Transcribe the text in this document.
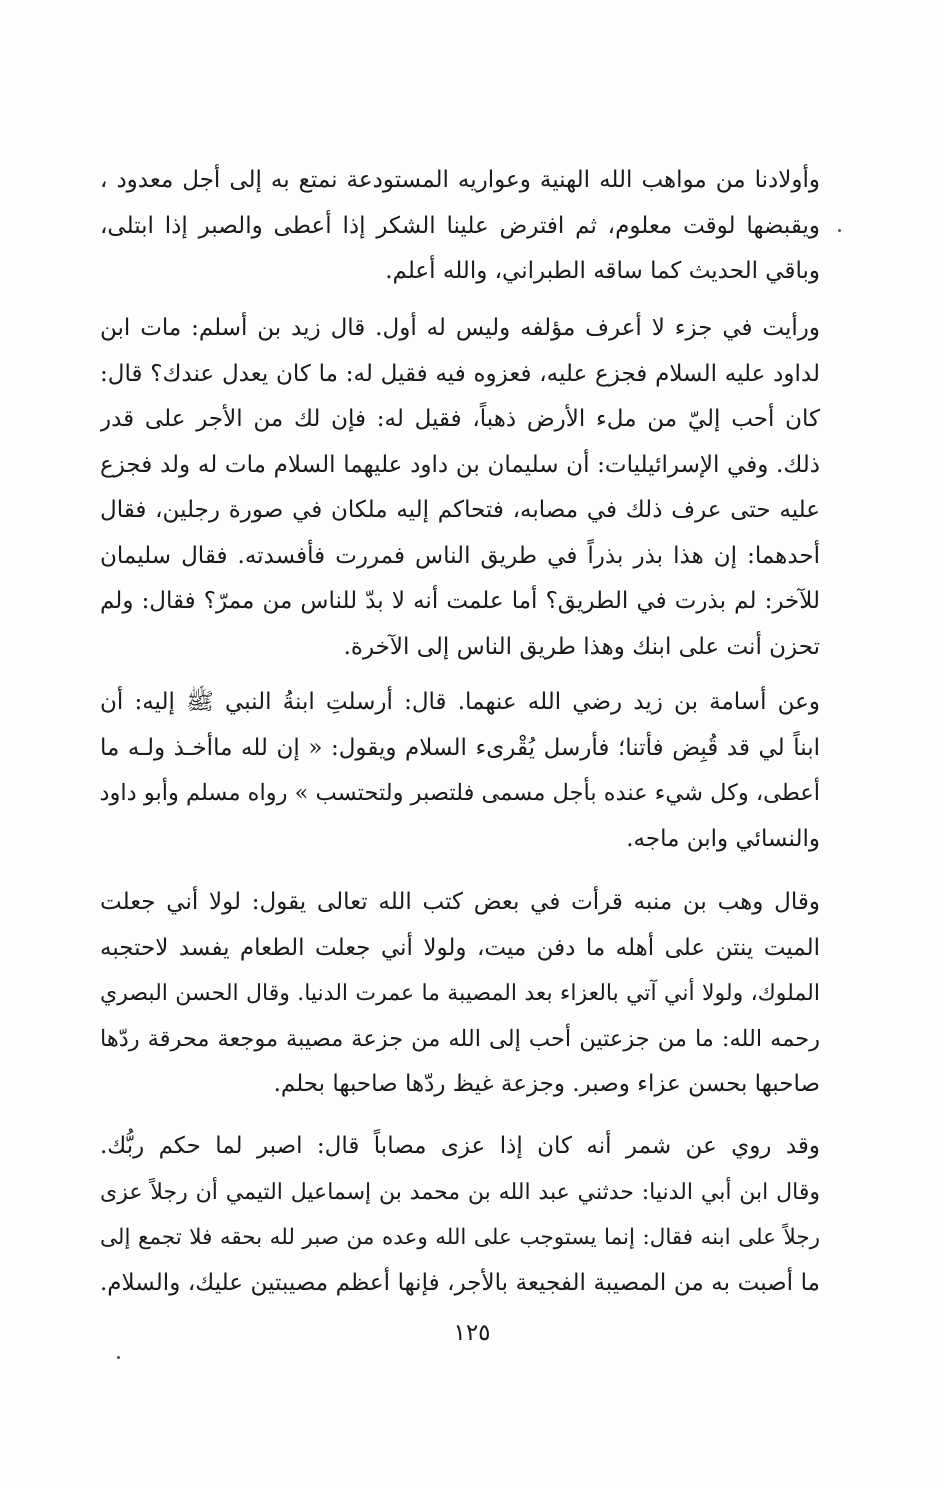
وأولادنا من مواهب الله الهنية وعواريه المستودعة نمتع به إلى أجل معدود ،
ويقبضها لوقت معلوم، ثم افترض علينا الشكر إذا أعطى والصبر إذا ابتلى،
وباقي الحديث كما ساقه الطبراني، والله أعلم.
ورأيت في جزء لا أعرف مؤلفه وليس له أول. قال زيد بن أسلم: مات ابن
لداود عليه السلام فجزع عليه، فعزوه فيه فقيل له: ما كان يعدل عندك؟ قال:
كان أحب إليّ من ملء الأرض ذهباً، فقيل له: فإن لك من الأجر على قدر
ذلك. وفي الإسرائيليات: أن سليمان بن داود عليهما السلام مات له ولد فجزع
عليه حتى عرف ذلك في مصابه، فتحاكم إليه ملكان في صورة رجلين، فقال
أحدهما: إن هذا بذر بذراً في طريق الناس فمررت فأفسدته. فقال سليمان
للآخر: لم بذرت في الطريق؟ أما علمت أنه لا بدّ للناس من ممرّ؟ فقال: ولم
تحزن أنت على ابنك وهذا طريق الناس إلى الآخرة.
وعن أسامة بن زيد رضي الله عنهما. قال: أرسلتِ ابنةُ النبي ﷺ إليه: أن
ابناً لي قد قُبِض فأتنا؛ فأرسل يُقْرىء السلام ويقول: « إن لله ماأخـذ ولـه ما
أعطى، وكل شيء عنده بأجل مسمى فلتصبر ولتحتسب » رواه مسلم وأبو داود
والنسائي وابن ماجه.
وقال وهب بن منبه قرأت في بعض كتب الله تعالى يقول: لولا أني جعلت
الميت ينتن على أهله ما دفن ميت، ولولا أني جعلت الطعام يفسد لاحتجبه
الملوك، ولولا أني آتي بالعزاء بعد المصيبة ما عمرت الدنيا. وقال الحسن البصري
رحمه الله: ما من جزعتين أحب إلى الله من جزعة مصيبة موجعة محرقة ردّها
صاحبها بحسن عزاء وصبر. وجزعة غيظ ردّها صاحبها بحلم.
وقد روي عن شمر أنه كان إذا عزى مصاباً قال: اصبر لما حكم ربُّك.
وقال ابن أبي الدنيا: حدثني عبد الله بن محمد بن إسماعيل التيمي أن رجلاً عزى
رجلاً على ابنه فقال: إنما يستوجب على الله وعده من صبر لله بحقه فلا تجمع إلى
ما أصبت به من المصيبة الفجيعة بالأجر، فإنها أعظم مصيبتين عليك، والسلام.
١٢٥
